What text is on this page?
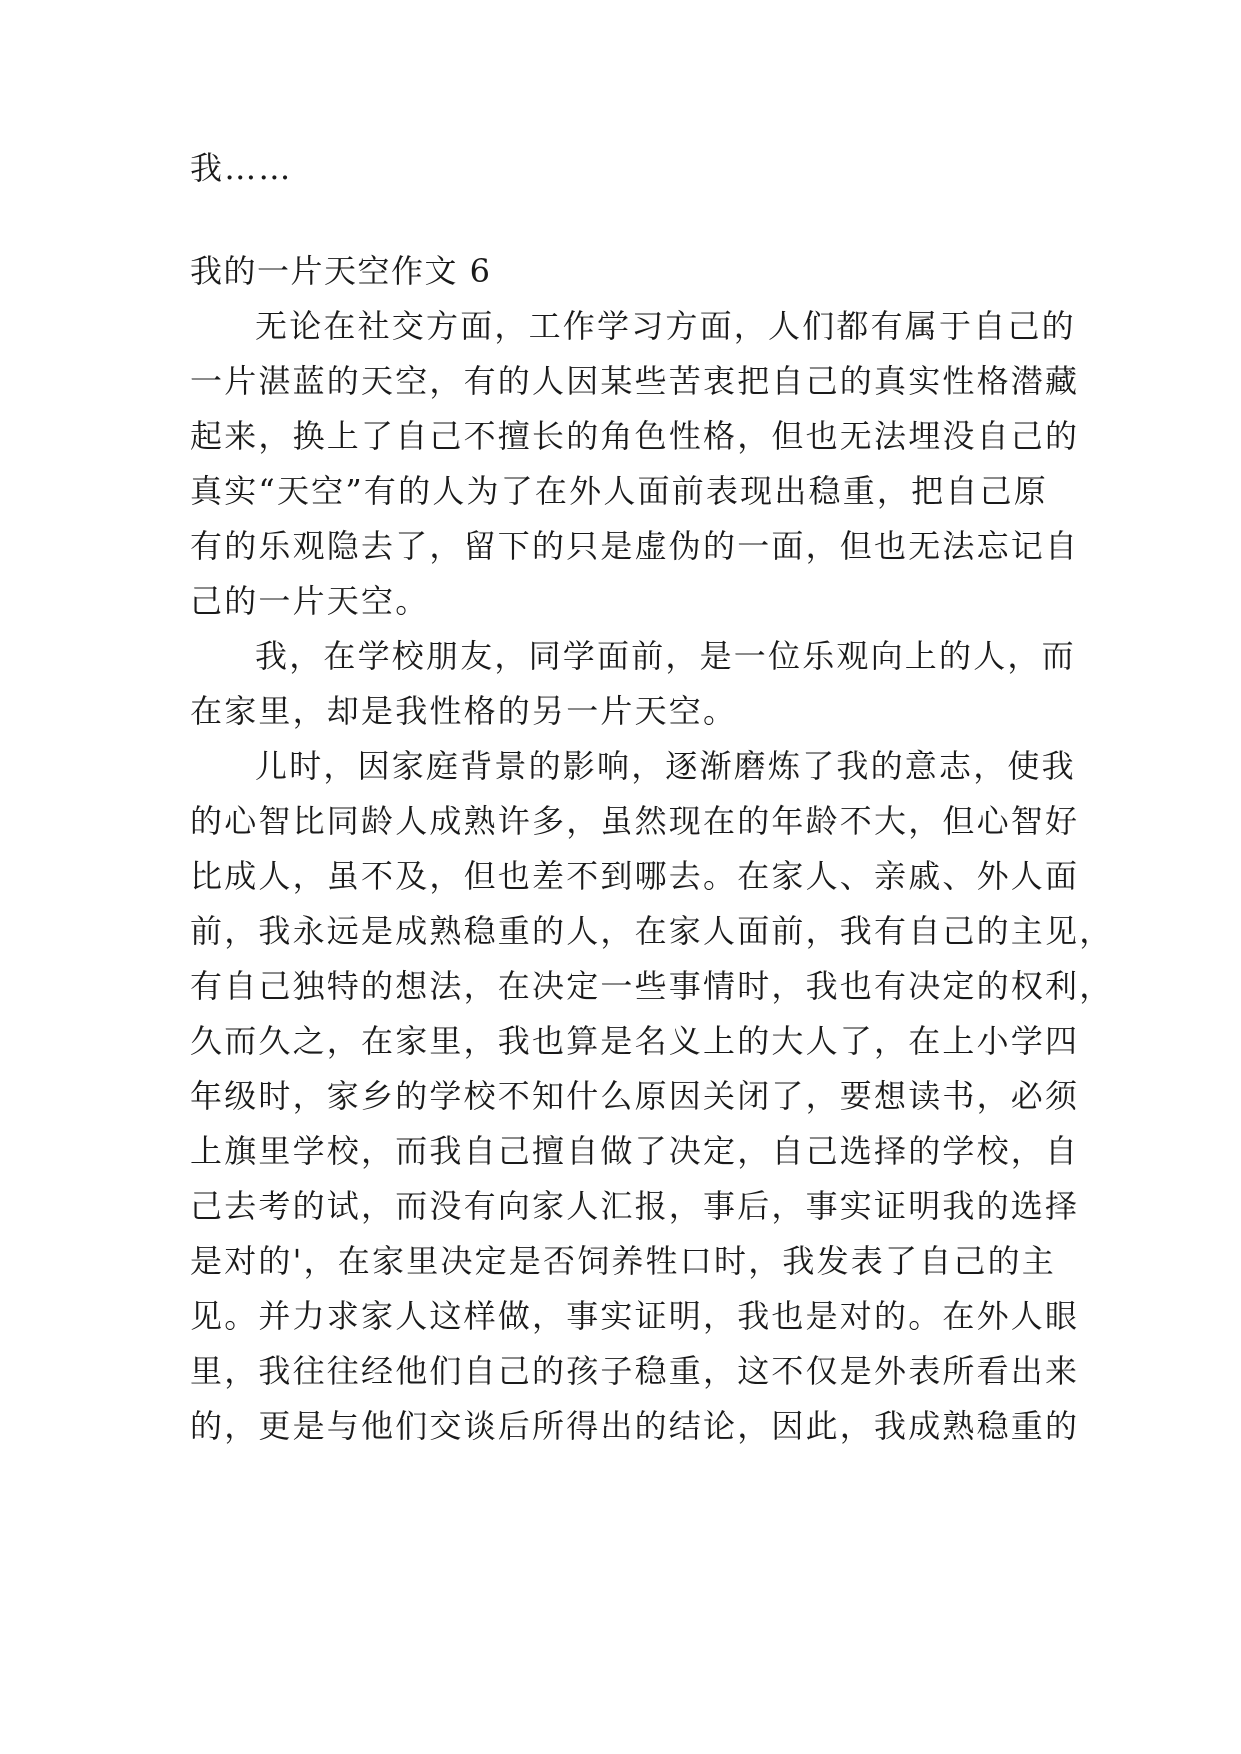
我……
我的一片天空作文 6
无论在社交方面，工作学习方面，人们都有属于自己的
一片湛蓝的天空，有的人因某些苦衷把自己的真实性格潜藏
起来，换上了自己不擅长的角色性格，但也无法埋没自己的
真实“天空”有的人为了在外人面前表现出稳重，把自己原
有的乐观隐去了，留下的只是虚伪的一面，但也无法忘记自
己的一片天空。
我，在学校朋友，同学面前，是一位乐观向上的人，而
在家里，却是我性格的另一片天空。
儿时，因家庭背景的影响，逐渐磨炼了我的意志，使我
的心智比同龄人成熟许多，虽然现在的年龄不大，但心智好
比成人，虽不及，但也差不到哪去。在家人、亲戚、外人面
前，我永远是成熟稳重的人，在家人面前，我有自己的主见，
有自己独特的想法，在决定一些事情时，我也有决定的权利，
久而久之，在家里，我也算是名义上的大人了，在上小学四
年级时，家乡的学校不知什么原因关闭了，要想读书，必须
上旗里学校，而我自己擅自做了决定，自己选择的学校，自
己去考的试，而没有向家人汇报，事后，事实证明我的选择
是对的'，在家里决定是否饲养牲口时，我发表了自己的主
见。并力求家人这样做，事实证明，我也是对的。在外人眼
里，我往往经他们自己的孩子稳重，这不仅是外表所看出来
的，更是与他们交谈后所得出的结论，因此，我成熟稳重的
